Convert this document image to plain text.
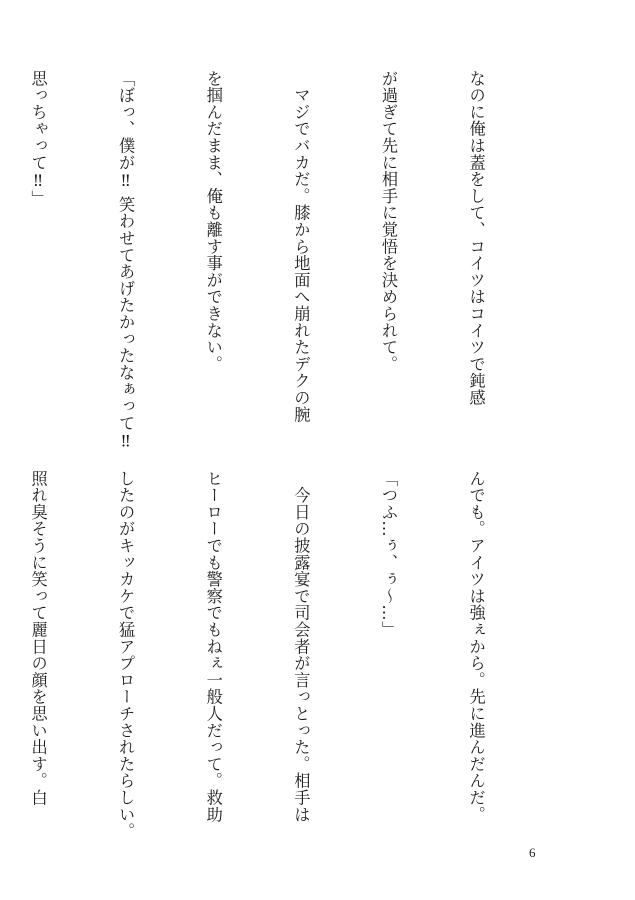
なのに俺は蓋をして、コイツはコイツで鈍感

が過ぎて先に相手に覚悟を決められて。

　マジでバカだ。膝から地面へ崩れたデクの腕

を掴んだまま、俺も離す事ができない。

「ぼっ、僕が‼ 笑わせてあげたかったなぁって‼

思っちゃって‼」

んでも。アイツは強ぇから。先に進んだんだ。

「つふ…ぅ、ぅ〜…」

　今日の披露宴で司会者が言っとった。相手は

ヒーローでも警察でもねぇ一般人だって。救助

したのがキッカケで猛アプローチされたらしい。

照れ臭そうに笑って麗日の顔を思い出す。白

6
